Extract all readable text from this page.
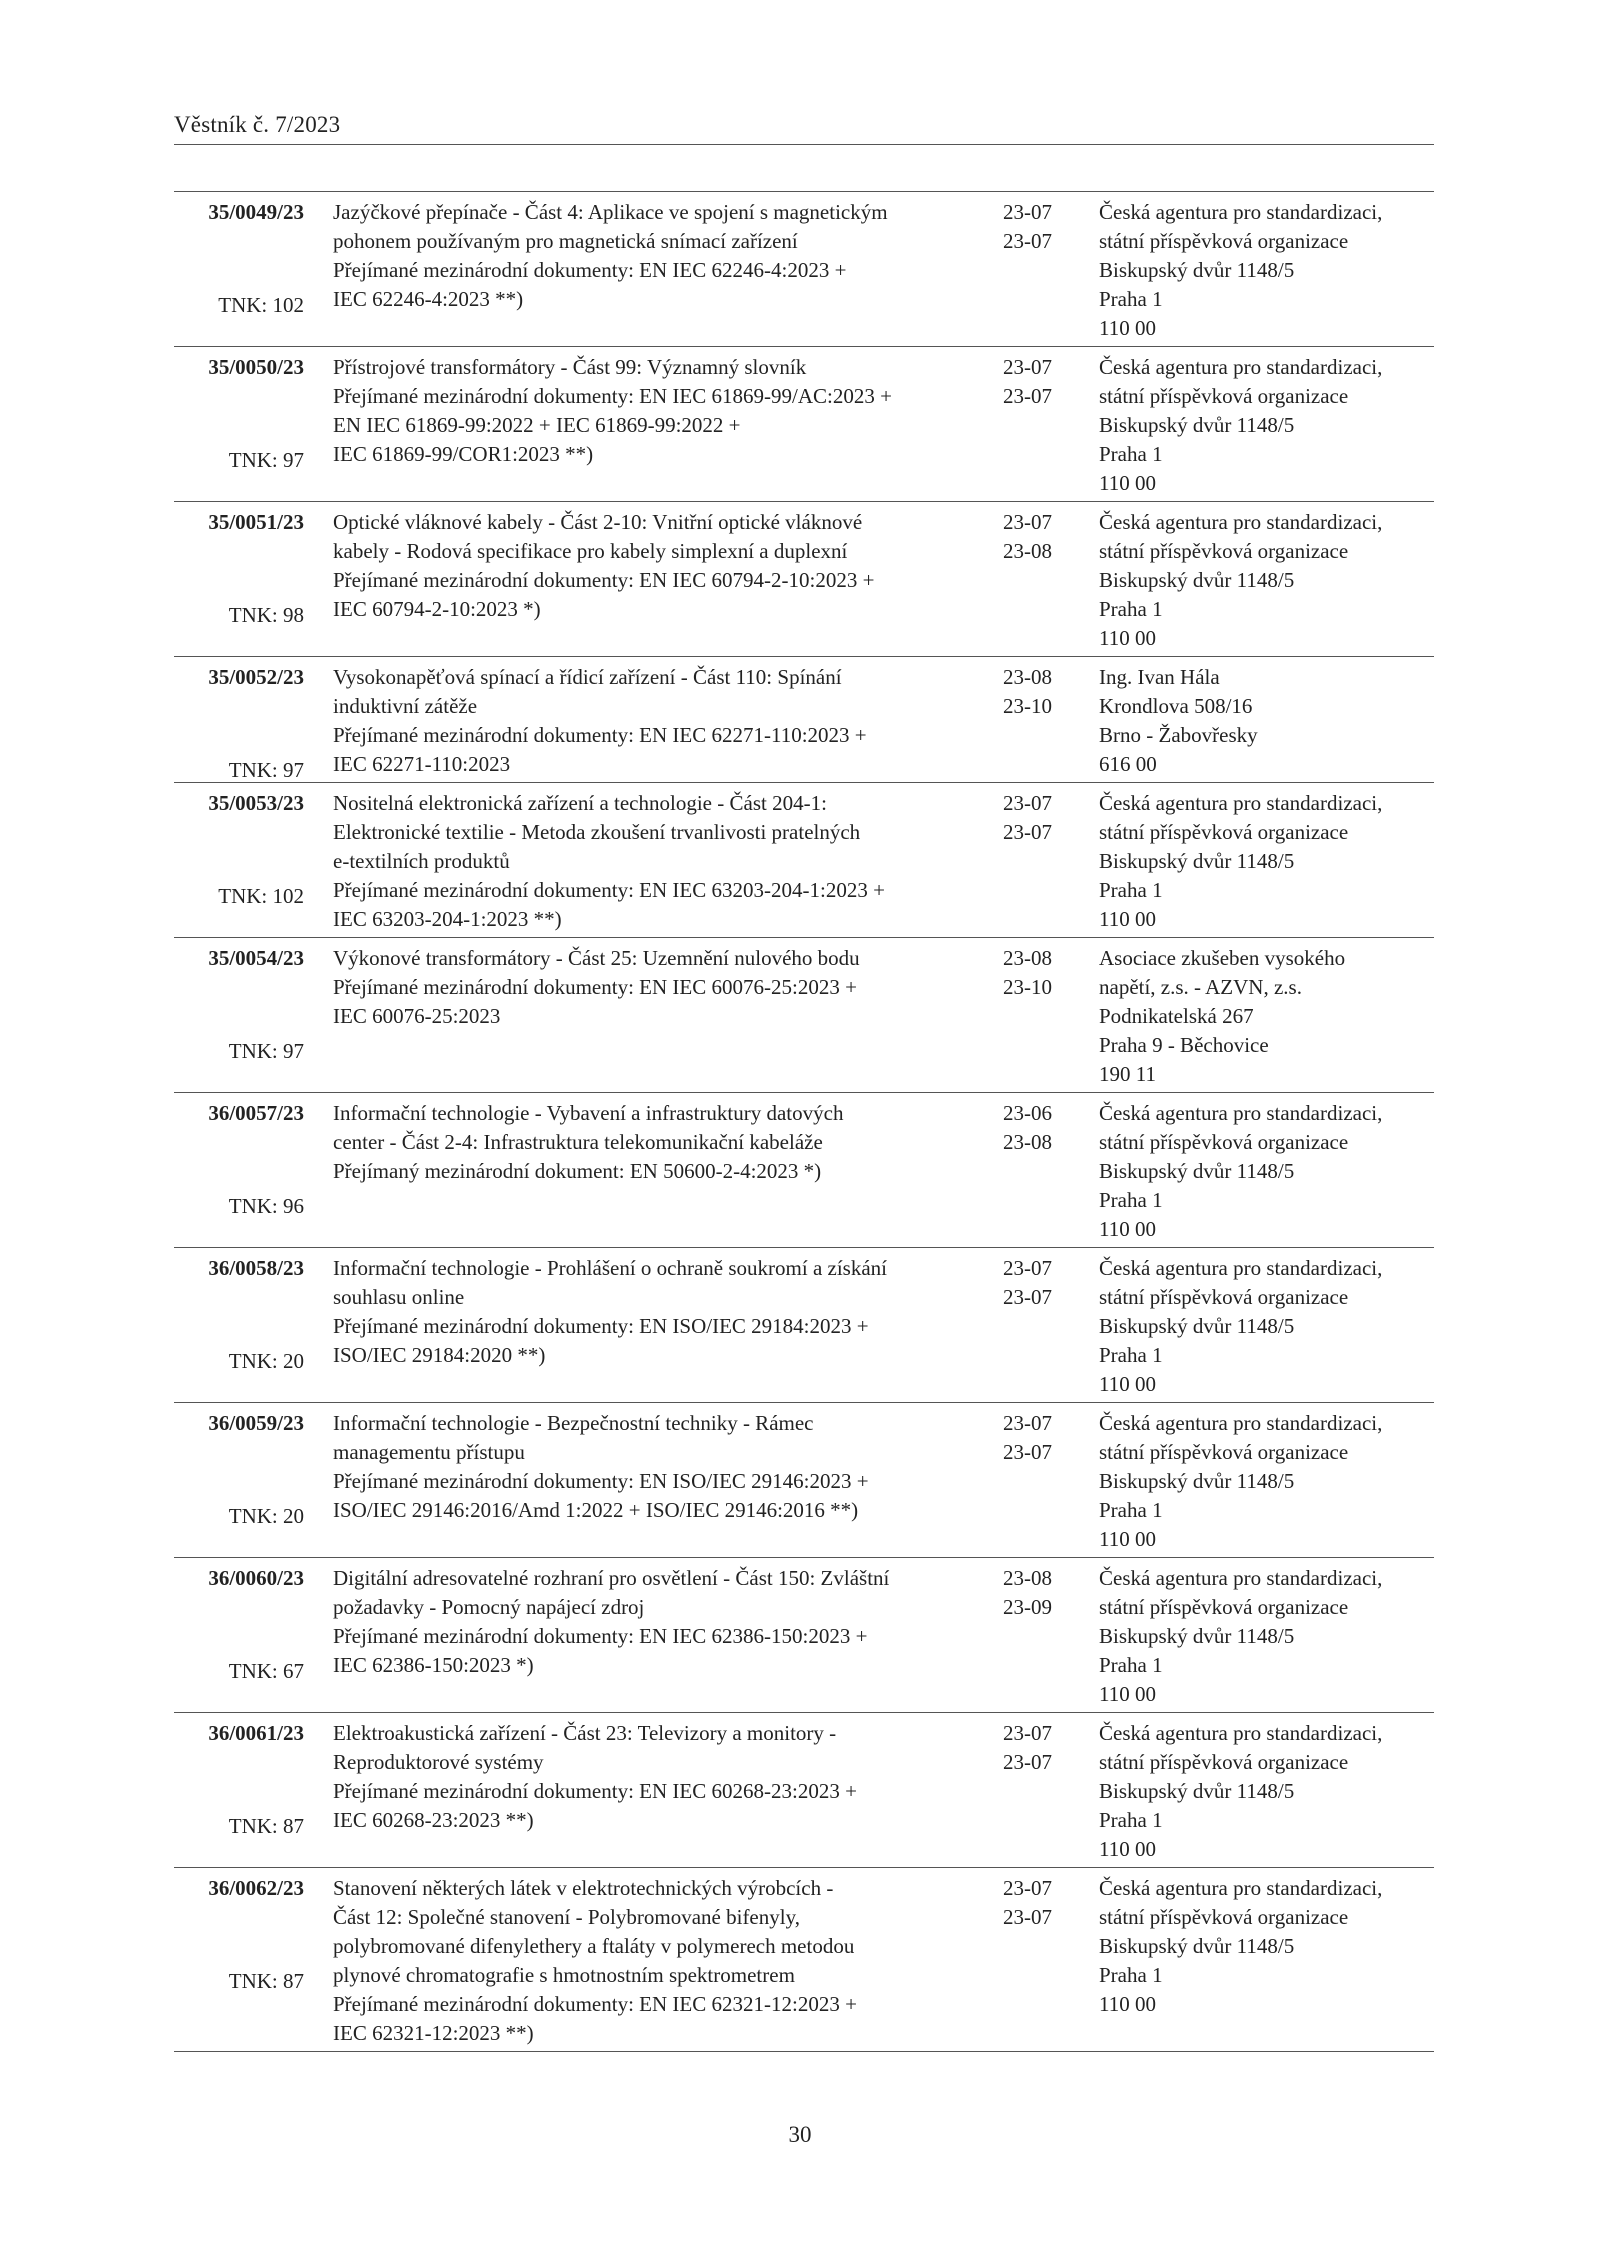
Věstník č. 7/2023
35/0049/23
TNK: 102
Jazýčkové přepínače - Část 4: Aplikace ve spojení s magnetickým
pohonem používaným pro magnetická snímací zařízení
Přejímané mezinárodní dokumenty: EN IEC 62246-4:2023 +
IEC 62246-4:2023 **)
23-07
23-07
Česká agentura pro standardizaci,
státní příspěvková organizace
Biskupský dvůr 1148/5
Praha 1
110 00
35/0050/23
TNK: 97
Přístrojové transformátory - Část 99: Významný slovník
Přejímané mezinárodní dokumenty: EN IEC 61869-99/AC:2023 +
EN IEC 61869-99:2022 + IEC 61869-99:2022 +
IEC 61869-99/COR1:2023 **)
23-07
23-07
Česká agentura pro standardizaci,
státní příspěvková organizace
Biskupský dvůr 1148/5
Praha 1
110 00
35/0051/23
TNK: 98
Optické vláknové kabely - Část 2-10: Vnitřní optické vláknové
kabely - Rodová specifikace pro kabely simplexní a duplexní
Přejímané mezinárodní dokumenty: EN IEC 60794-2-10:2023 +
IEC 60794-2-10:2023 *)
23-07
23-08
Česká agentura pro standardizaci,
státní příspěvková organizace
Biskupský dvůr 1148/5
Praha 1
110 00
35/0052/23
TNK: 97
Vysokonapěťová spínací a řídicí zařízení - Část 110: Spínání
induktivní zátěže
Přejímané mezinárodní dokumenty: EN IEC 62271-110:2023 +
IEC 62271-110:2023
23-08
23-10
Ing. Ivan Hála
Krondlova 508/16
Brno - Žabovřesky
616 00
35/0053/23
TNK: 102
Nositelná elektronická zařízení a technologie - Část 204-1:
Elektronické textilie - Metoda zkoušení trvanlivosti pratelných
e-textilních produktů
Přejímané mezinárodní dokumenty: EN IEC 63203-204-1:2023 +
IEC 63203-204-1:2023 **)
23-07
23-07
Česká agentura pro standardizaci,
státní příspěvková organizace
Biskupský dvůr 1148/5
Praha 1
110 00
35/0054/23
TNK: 97
Výkonové transformátory - Část 25: Uzemnění nulového bodu
Přejímané mezinárodní dokumenty: EN IEC 60076-25:2023 +
IEC 60076-25:2023
23-08
23-10
Asociace zkušeben vysokého
napětí, z.s. - AZVN, z.s.
Podnikatelská 267
Praha 9 - Běchovice
190 11
36/0057/23
TNK: 96
Informační technologie - Vybavení a infrastruktury datových
center - Část 2-4: Infrastruktura telekomunikační kabeláže
Přejímaný mezinárodní dokument: EN 50600-2-4:2023 *)
23-06
23-08
Česká agentura pro standardizaci,
státní příspěvková organizace
Biskupský dvůr 1148/5
Praha 1
110 00
36/0058/23
TNK: 20
Informační technologie - Prohlášení o ochraně soukromí a získání
souhlasu online
Přejímané mezinárodní dokumenty: EN ISO/IEC 29184:2023 +
ISO/IEC 29184:2020 **)
23-07
23-07
Česká agentura pro standardizaci,
státní příspěvková organizace
Biskupský dvůr 1148/5
Praha 1
110 00
36/0059/23
TNK: 20
Informační technologie - Bezpečnostní techniky - Rámec
managementu přístupu
Přejímané mezinárodní dokumenty: EN ISO/IEC 29146:2023 +
ISO/IEC 29146:2016/Amd 1:2022 + ISO/IEC 29146:2016 **)
23-07
23-07
Česká agentura pro standardizaci,
státní příspěvková organizace
Biskupský dvůr 1148/5
Praha 1
110 00
36/0060/23
TNK: 67
Digitální adresovatelné rozhraní pro osvětlení - Část 150: Zvláštní
požadavky - Pomocný napájecí zdroj
Přejímané mezinárodní dokumenty: EN IEC 62386-150:2023 +
IEC 62386-150:2023 *)
23-08
23-09
Česká agentura pro standardizaci,
státní příspěvková organizace
Biskupský dvůr 1148/5
Praha 1
110 00
36/0061/23
TNK: 87
Elektroakustická zařízení - Část 23: Televizory a monitory -
Reproduktorové systémy
Přejímané mezinárodní dokumenty: EN IEC 60268-23:2023 +
IEC 60268-23:2023 **)
23-07
23-07
Česká agentura pro standardizaci,
státní příspěvková organizace
Biskupský dvůr 1148/5
Praha 1
110 00
36/0062/23
TNK: 87
Stanovení některých látek v elektrotechnických výrobcích -
Část 12: Společné stanovení - Polybromované bifenyly,
polybromované difenylethery a ftaláty v polymerech metodou
plynové chromatografie s hmotnostním spektrometrem
Přejímané mezinárodní dokumenty: EN IEC 62321-12:2023 +
IEC 62321-12:2023 **)
23-07
23-07
Česká agentura pro standardizaci,
státní příspěvková organizace
Biskupský dvůr 1148/5
Praha 1
110 00
30
